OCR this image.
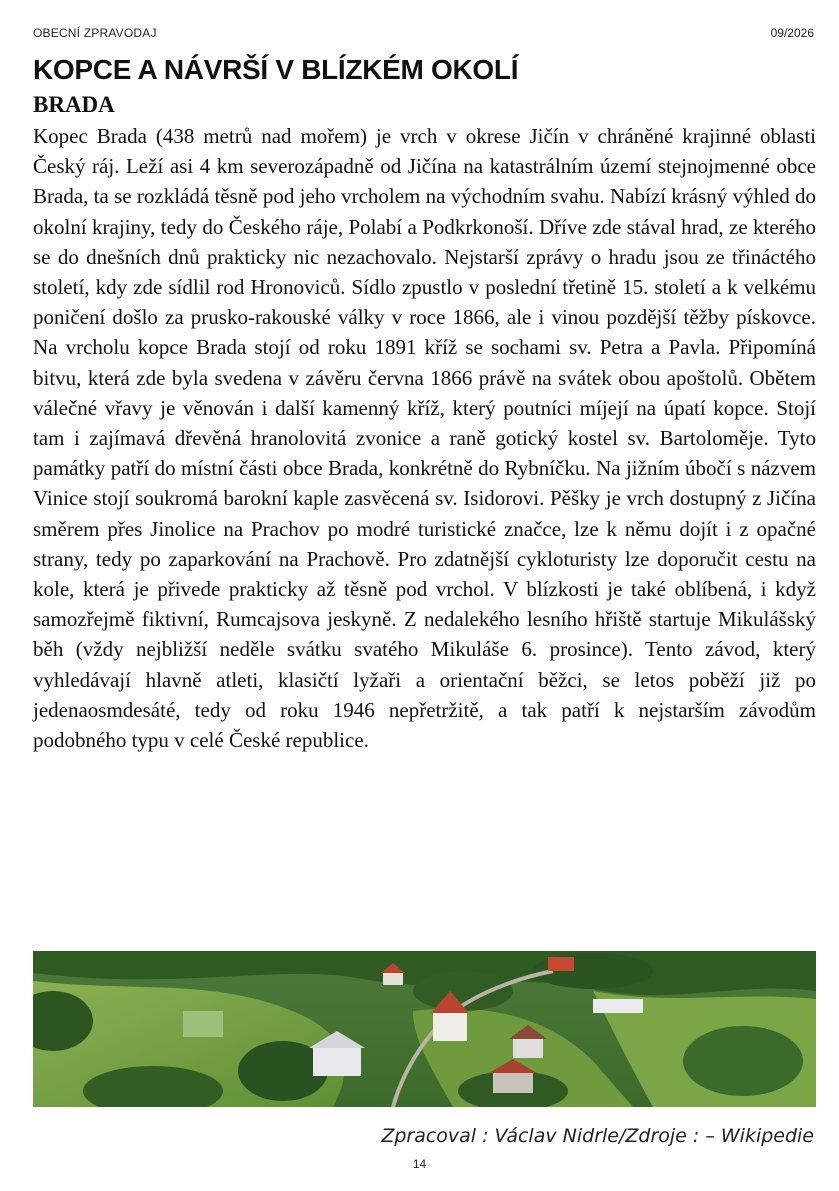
OBECNÍ ZPRAVODAJ	09/2026
KOPCE A NÁVRŠÍ V BLÍZKÉM OKOLÍ
BRADA

Kopec Brada (438 metrů nad mořem) je vrch v okrese Jičín v chráněné krajinné oblasti Český ráj. Leží asi 4 km severozápadně od Jičína na katastrálním území stejnojmenné obce Brada, ta se rozkládá těsně pod jeho vrcholem na východním svahu. Nabízí krásný výhled do okolní krajiny, tedy do Českého ráje, Polabí a Podkrkonoší. Dříve zde stával hrad, ze kterého se do dnešních dnů prakticky nic nezachovalo. Nejstarší zprávy o hradu jsou ze třináctého století, kdy zde sídlil rod Hronoviců. Sídlo zpustlo v poslední třetině 15. století a k velkému poničení došlo za prusko-rakouské války v roce 1866, ale i vinou pozdější těžby pískovce. Na vrcholu kopce Brada stojí od roku 1891 kříž se sochami sv. Petra a Pavla. Připomíná bitvu, která zde byla svedena v závěru června 1866 právě na svátek obou apoštolů. Obětem válečné vřavy je věnován i další kamenný kříž, který poutníci míjejí na úpatí kopce. Stojí tam i zajímavá dřevěná hranolovitá zvonice a raně gotický kostel sv. Bartoloměje. Tyto památky patří do místní části obce Brada, konkrétně do Rybníčku. Na jižním úbočí s názvem Vinice stojí soukromá barokní kaple zasvěcená sv. Isidorovi. Pěšky je vrch dostupný z Jičína směrem přes Jinolice na Prachov po modré turistické značce, lze k němu dojít i z opačné strany, tedy po zaparkování na Prachově. Pro zdatnější cykloturisty lze doporučit cestu na kole, která je přivede prakticky až těsně pod vrchol. V blízkosti je také oblíbená, i když samozřejmě fiktivní, Rumcajsova jeskyně. Z nedalekého lesního hřiště startuje Mikulášský běh (vždy nejbližší neděle svátku svatého Mikuláše 6. prosince). Tento závod, který vyhledávají hlavně atleti, klasičtí lyžaři a orientační běžci, se letos poběží již po jedenaosmdesáté, tedy od roku 1946 nepřetržitě, a tak patří k nejstarším závodům podobného typu v celé České republice.

Zpracoval : Václav Nidrle/Zdroje : – Wikipedie
14
